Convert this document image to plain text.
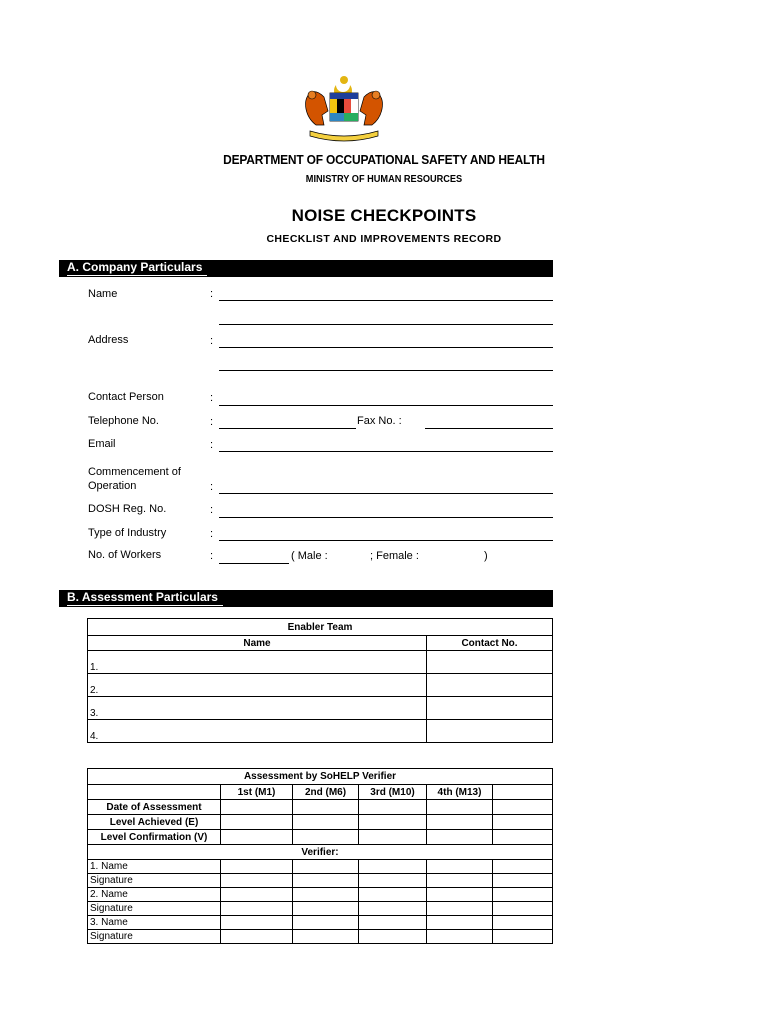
DEPARTMENT OF OCCUPATIONAL SAFETY AND HEALTH
MINISTRY OF HUMAN RESOURCES
NOISE CHECKPOINTS
CHECKLIST AND IMPROVEMENTS RECORD
A. Company Particulars
Name	:
Address	:
Contact Person	:
Telephone No.	:	Fax No. :
Email	:
Commencement of
Operation	:
DOSH Reg. No.	:
Type of Industry	:
No. of Workers	:	( Male :	; Female :	)
B. Assessment Particulars
Enabler Team	
Name	Contact No.
1.	
2.	
3.	
4.	
Assessment by SoHELP Verifier					
	1st (M1)	2nd (M6)	3rd (M10)	4th (M13)	
Date of Assessment					
Level Achieved (E)					
Level Confirmation (V)					
Verifier:					
1. Name					
Signature					
2. Name					
Signature					
3. Name					
Signature					
